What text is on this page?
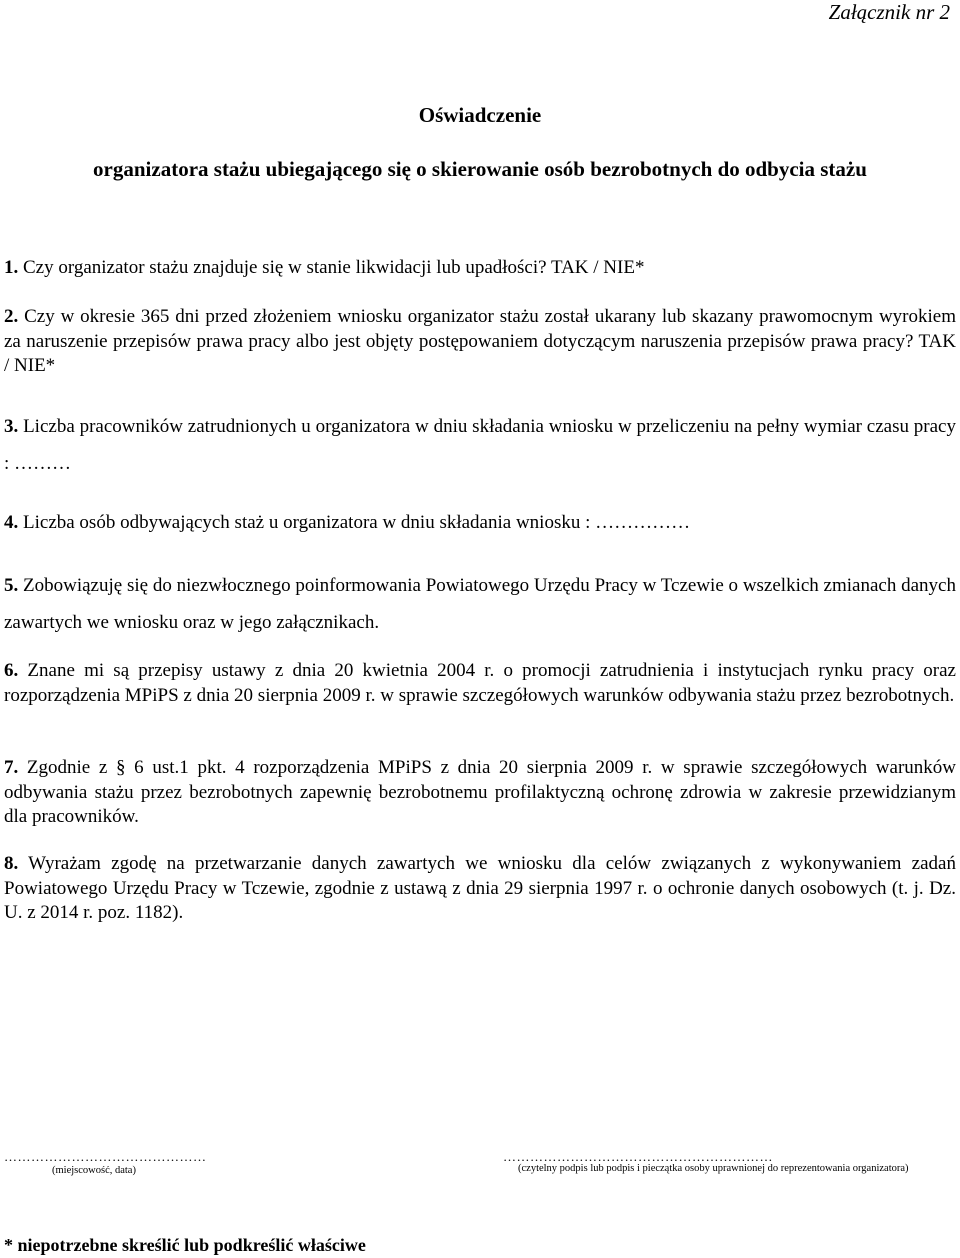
Załącznik nr 2
Oświadczenie
organizatora stażu ubiegającego się o skierowanie osób bezrobotnych do odbycia stażu
1. Czy organizator stażu znajduje się w stanie likwidacji lub upadłości? TAK / NIE*
2. Czy w okresie 365 dni przed złożeniem wniosku organizator stażu został ukarany lub skazany prawomocnym wyrokiem za naruszenie przepisów prawa pracy albo jest objęty postępowaniem dotyczącym naruszenia przepisów prawa pracy? TAK / NIE*
3. Liczba pracowników zatrudnionych u organizatora w dniu składania wniosku w przeliczeniu na pełny wymiar czasu pracy : ………
4. Liczba osób odbywających staż u organizatora w dniu składania wniosku : ……………
5. Zobowiązuję się do niezwłocznego poinformowania Powiatowego Urzędu Pracy w Tczewie o wszelkich zmianach danych zawartych we wniosku oraz w jego załącznikach.
6. Znane mi są przepisy ustawy z dnia 20 kwietnia 2004 r. o promocji zatrudnienia i instytucjach rynku pracy oraz rozporządzenia MPiPS z dnia 20 sierpnia 2009 r. w sprawie szczegółowych warunków odbywania stażu przez bezrobotnych.
7. Zgodnie z § 6 ust.1 pkt. 4 rozporządzenia MPiPS z dnia 20 sierpnia 2009 r. w sprawie szczegółowych warunków odbywania stażu przez bezrobotnych zapewnię bezrobotnemu profilaktyczną ochronę zdrowia w zakresie przewidzianym dla pracowników.
8. Wyrażam zgodę na przetwarzanie danych zawartych we wniosku dla celów związanych z wykonywaniem zadań Powiatowego Urzędu Pracy w Tczewie, zgodnie z ustawą z dnia 29 sierpnia 1997 r. o ochronie danych osobowych (t. j. Dz. U. z 2014 r. poz. 1182).
………………………………………
(miejscowość, data)
……………………………………………………
(czytelny podpis lub podpis i pieczątka osoby uprawnionej do reprezentowania organizatora)
* niepotrzebne skreślić lub podkreślić właściwe
